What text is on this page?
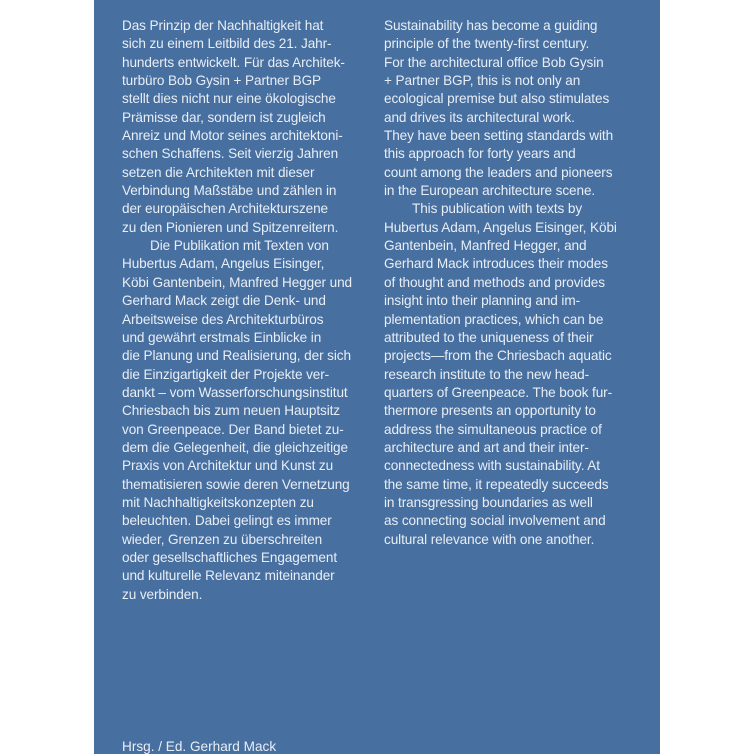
Das Prinzip der Nachhaltigkeit hat
sich zu einem Leitbild des 21. Jahr-
hunderts entwickelt. Für das Architek-
turbüro Bob Gysin + Partner BGP
stellt dies nicht nur eine ökologische
Prämisse dar, sondern ist zugleich
Anreiz und Motor seines architektoni-
schen Schaffens. Seit vierzig Jahren
setzen die Architekten mit dieser
Verbindung Maßstäbe und zählen in
der europäischen Architekturszene
zu den Pionieren und Spitzenreitern.
Die Publikation mit Texten von
Hubertus Adam, Angelus Eisinger,
Köbi Gantenbein, Manfred Hegger und
Gerhard Mack zeigt die Denk- und
Arbeitsweise des Architekturbüros
und gewährt erstmals Einblicke in
die Planung und Realisierung, der sich
die Einzigartigkeit der Projekte ver-
dankt – vom Wasserforschungsinstitut
Chriesbach bis zum neuen Hauptsitz
von Greenpeace. Der Band bietet zu-
dem die Gelegenheit, die gleichzeitige
Praxis von Architektur und Kunst zu
thematisieren sowie deren Vernetzung
mit Nachhaltigkeitskonzepten zu
beleuchten. Dabei gelingt es immer
wieder, Grenzen zu überschreiten
oder gesellschaftliches Engagement
und kulturelle Relevanz miteinander
zu verbinden.
Sustainability has become a guiding
principle of the twenty-first century.
For the architectural office Bob Gysin
+ Partner BGP, this is not only an
ecological premise but also stimulates
and drives its architectural work.
They have been setting standards with
this approach for forty years and
count among the leaders and pioneers
in the European architecture scene.
This publication with texts by
Hubertus Adam, Angelus Eisinger, Köbi
Gantenbein, Manfred Hegger, and
Gerhard Mack introduces their modes
of thought and methods and provides
insight into their planning and im-
plementation practices, which can be
attributed to the uniqueness of their
projects—from the Chriesbach aquatic
research institute to the new head-
quarters of Greenpeace. The book fur-
thermore presents an opportunity to
address the simultaneous practice of
architecture and art and their inter-
connectedness with sustainability. At
the same time, it repeatedly succeeds
in transgressing boundaries as well
as connecting social involvement and
cultural relevance with one another.
Hrsg. / Ed. Gerhard Mack
